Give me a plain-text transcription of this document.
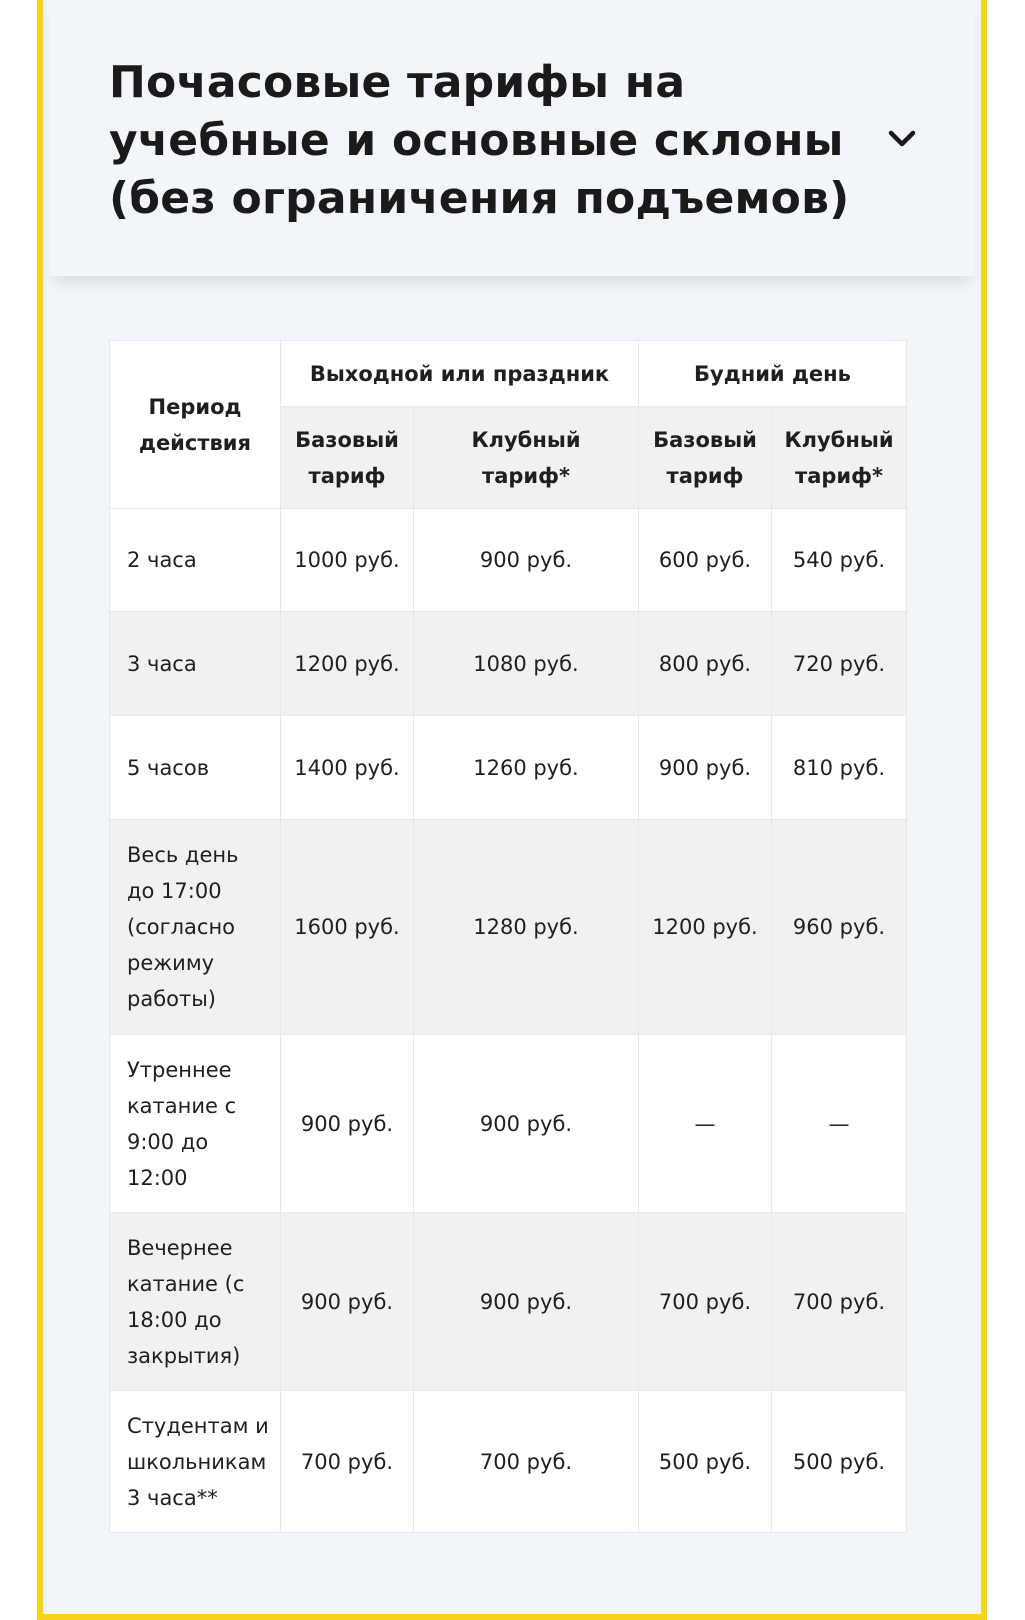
Почасовые тарифы на учебные и основные склоны (без ограничения подъемов)
Период действия	Выходной или праздник		Будний день	
	Базовый тариф	Клубный тариф*	Базовый тариф	Клубный тариф*
2 часа	1000 руб.	900 руб.	600 руб.	540 руб.
3 часа	1200 руб.	1080 руб.	800 руб.	720 руб.
5 часов	1400 руб.	1260 руб.	900 руб.	810 руб.
Весь день до 17:00 (согласно режиму работы)	1600 руб.	1280 руб.	1200 руб.	960 руб.
Утреннее катание с 9:00 до 12:00	900 руб.	900 руб.	—	—
Вечернее катание (с 18:00 до закрытия)	900 руб.	900 руб.	700 руб.	700 руб.
Студентам и школьникам 3 часа**	700 руб.	700 руб.	500 руб.	500 руб.
